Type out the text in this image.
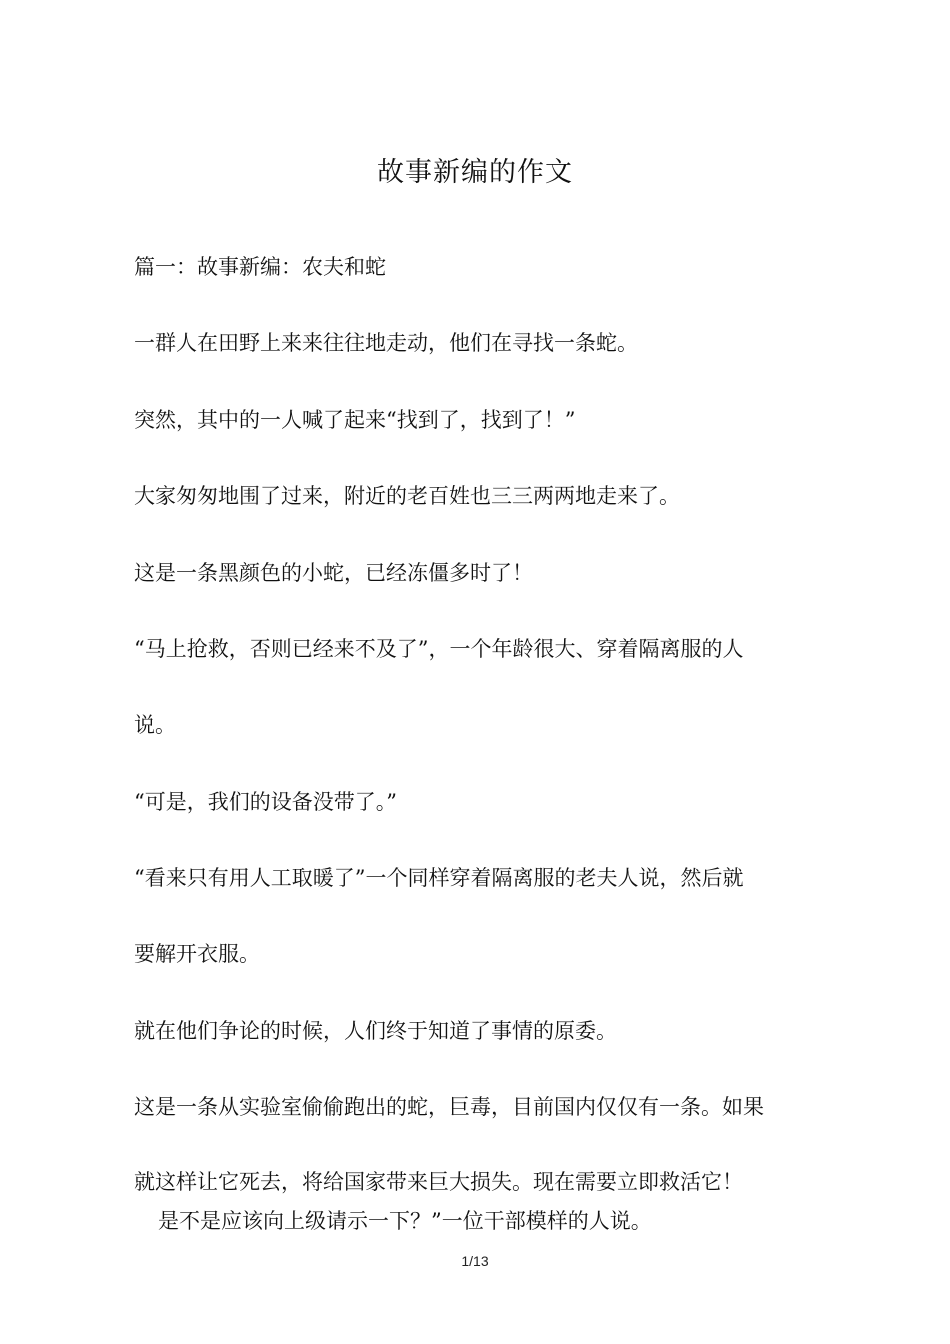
故事新编的作文
篇一：故事新编：农夫和蛇
一群人在田野上来来往往地走动，他们在寻找一条蛇。
突然，其中的一人喊了起来“找到了，找到了！”
大家匆匆地围了过来，附近的老百姓也三三两两地走来了。
这是一条黑颜色的小蛇，已经冻僵多时了！
“马上抢救，否则已经来不及了”，一个年龄很大、穿着隔离服的人
说。
“可是，我们的设备没带了。”
“看来只有用人工取暖了”一个同样穿着隔离服的老夫人说，然后就
要解开衣服。
就在他们争论的时候，人们终于知道了事情的原委。
这是一条从实验室偷偷跑出的蛇，巨毒，目前国内仅仅有一条。如果
就这样让它死去，将给国家带来巨大损失。现在需要立即救活它！
是不是应该向上级请示一下？”一位干部模样的人说。
1/13
